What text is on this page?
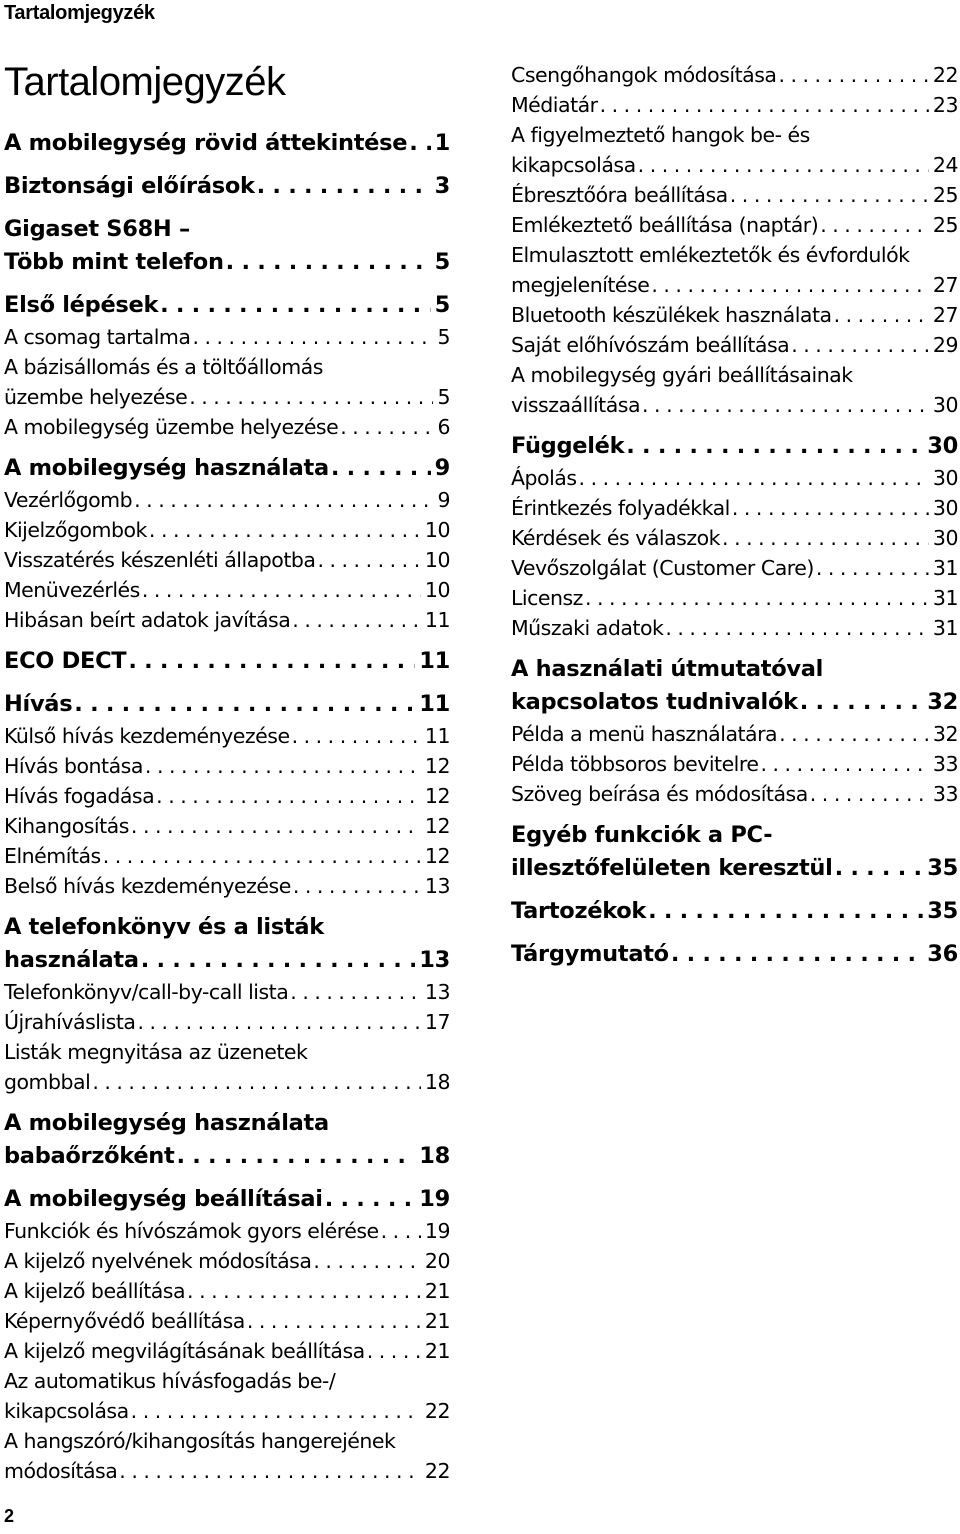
Tartalomjegyzék
Tartalomjegyzék
A mobilegység rövid áttekintése . . . 1
Biztonsági előírások . . .	3
Gigaset S68H –
Több mint telefon . . .	5
Első lépések . . .	5
A csomag tartalma . . .	5
A bázisállomás és a töltőállomás
üzembe helyezése . . .	5
A mobilegység üzembe helyezése . . .	6
A mobilegység használata . . .	9
Vezérlőgomb . . .	9
Kijelzőgombok . . .	10
Visszatérés készenléti állapotba . . .	10
Menüvezérlés . . .	10
Hibásan beírt adatok javítása . . .	11
ECO DECT . . .	11
Hívás . . .	11
Külső hívás kezdeményezése . . .	11
Hívás bontása . . .	12
Hívás fogadása . . .	12
Kihangosítás . . .	12
Elnémítás . . .	12
Belső hívás kezdeményezése . . .	13
A telefonkönyv és a listák
használata . . .	13
Telefonkönyv/call-by-call lista . . .	13
Újrahíváslista . . .	17
Listák megnyitása az üzenetek
gombbal . . .	18
A mobilegység használata
babaőrzőként . . .	18
A mobilegység beállításai . . .	19
Funkciók és hívószámok gyors elérése . . . 19
A kijelző nyelvének módosítása . . .	20
A kijelző beállítása . . .	21
Képernyővédő beállítása . . .	21
A kijelző megvilágításának beállítása . . .	21
Az automatikus hívásfogadás be-/
kikapcsolása . . .	22
A hangszóró/kihangosítás hangerejének
módosítása . . .	22
Csengőhangok módosítása . . .	22
Médiatár . . .	23
A figyelmeztető hangok be- és
kikapcsolása . . .	24
Ébresztőóra beállítása . . .	25
Emlékeztető beállítása (naptár) . . .	25
Elmulasztott emlékeztetők és évfordulók
megjelenítése . . .	27
Bluetooth készülékek használata . . .	27
Saját előhívószám beállítása . . .	29
A mobilegység gyári beállításainak
visszaállítása . . .	30
Függelék . . .	30
Ápolás . . .	30
Érintkezés folyadékkal . . .	30
Kérdések és válaszok . . .	30
Vevőszolgálat (Customer Care) . . .	31
Licensz . . .	31
Műszaki adatok . . .	31
A használati útmutatóval
kapcsolatos tudnivalók . . .	32
Példa a menü használatára . . .	32
Példa többsoros bevitelre . . .	33
Szöveg beírása és módosítása . . .	33
Egyéb funkciók a PC-
illesztőfelületen keresztül . . .	35
Tartozékok . . .	35
Tárgymutató . . .	36
2
